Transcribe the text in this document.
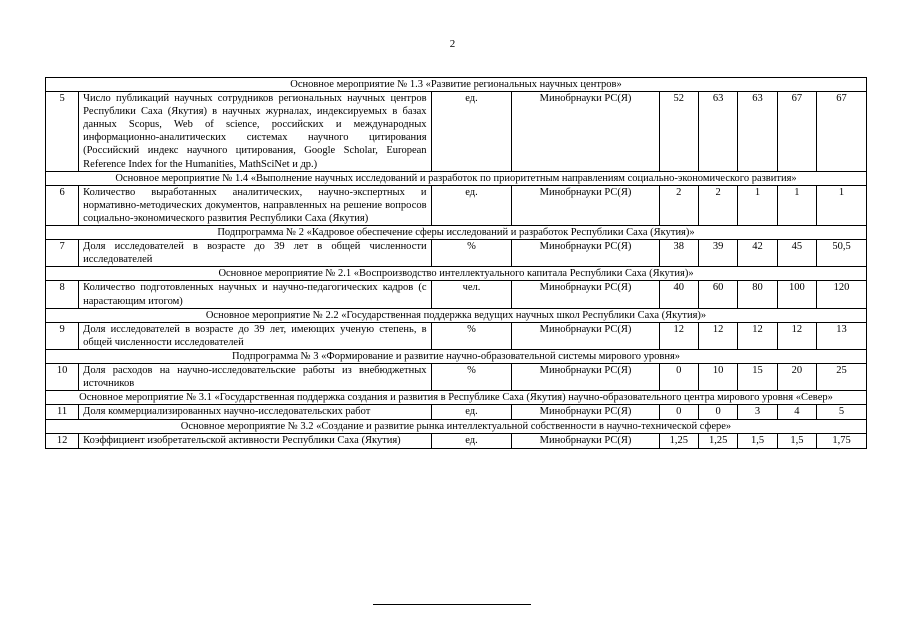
2
Основное мероприятие № 1.3 «Развитие региональных научных центров»								
5	Число публикаций научных сотрудников региональных научных центров Республики Саха (Якутия) в научных журналах, индексируемых в базах данных Scopus, Web of science, российских и международных информационно-аналитических системах научного цитирования (Российский индекс научного цитирования, Google Scholar, European Reference Index for the Humanities, MathSciNet и др.)	ед.	Минобрнауки РС(Я)	52	63	63	67	67
Основное мероприятие № 1.4 «Выполнение научных исследований и разработок по приоритетным направлениям социально-экономического развития»								
6	Количество выработанных аналитических, научно-экспертных и нормативно-методических документов, направленных на решение вопросов социально-экономического развития Республики Саха (Якутия)	ед.	Минобрнауки РС(Я)	2	2	1	1	1
Подпрограмма № 2 «Кадровое обеспечение сферы исследований и разработок Республики Саха (Якутия)»								
7	Доля исследователей в возрасте до 39 лет в общей численности исследователей	%	Минобрнауки РС(Я)	38	39	42	45	50,5
Основное мероприятие № 2.1 «Воспроизводство интеллектуального капитала Республики Саха (Якутия)»								
8	Количество подготовленных научных и научно-педагогических кадров (с нарастающим итогом)	чел.	Минобрнауки РС(Я)	40	60	80	100	120
Основное мероприятие № 2.2 «Государственная поддержка ведущих научных школ Республики Саха (Якутия)»								
9	Доля исследователей в возрасте до 39 лет, имеющих ученую степень, в общей численности исследователей	%	Минобрнауки РС(Я)	12	12	12	12	13
Подпрограмма № 3 «Формирование и развитие научно-образовательной системы мирового уровня»								
10	Доля расходов на научно-исследовательские работы из внебюджетных источников	%	Минобрнауки РС(Я)	0	10	15	20	25
Основное мероприятие № 3.1 «Государственная поддержка создания и развития в Республике Саха (Якутия) научно-образовательного центра мирового уровня «Север»								
11	Доля коммерциализированных научно-исследовательских работ	ед.	Минобрнауки РС(Я)	0	0	3	4	5
Основное мероприятие № 3.2 «Создание и развитие рынка интеллектуальной собственности в научно-технической сфере»								
12	Коэффициент изобретательской активности Республики Саха (Якутия)	ед.	Минобрнауки РС(Я)	1,25	1,25	1,5	1,5	1,75
